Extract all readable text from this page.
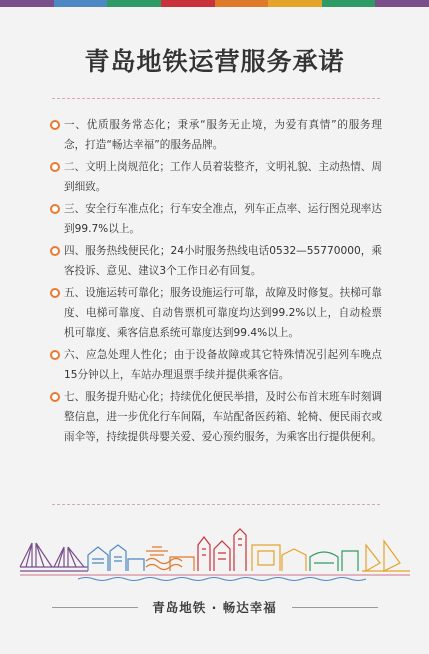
青岛地铁运营服务承诺
一、优质服务常态化；秉承“服务无止境，为爱有真情”的服务理念，打造“畅达幸福”的服务品牌。
二、文明上岗规范化；工作人员着装整齐，文明礼貌、主动热情、周到细致。
三、安全行车准点化；行车安全准点，列车正点率、运行图兑现率达到99.7%以上。
四、服务热线便民化；24小时服务热线电话0532—55770000，乘客投诉、意见、建议3个工作日必有回复。
五、设施运转可靠化；服务设施运行可靠，故障及时修复。扶梯可靠度、电梯可靠度、自动售票机可靠度均达到99.2%以上，自动检票机可靠度、乘客信息系统可靠度达到99.4%以上。
六、应急处理人性化；由于设备故障或其它特殊情况引起列车晚点15分钟以上，车站办理退票手续并提供乘客信。
七、服务提升贴心化；持续优化便民举措，及时公布首末班车时刻调整信息，进一步优化行车间隔，车站配备医药箱、轮椅、便民雨衣或雨伞等，持续提供母婴关爱、爱心预约服务，为乘客出行提供便利。
青岛地铁 · 畅达幸福
